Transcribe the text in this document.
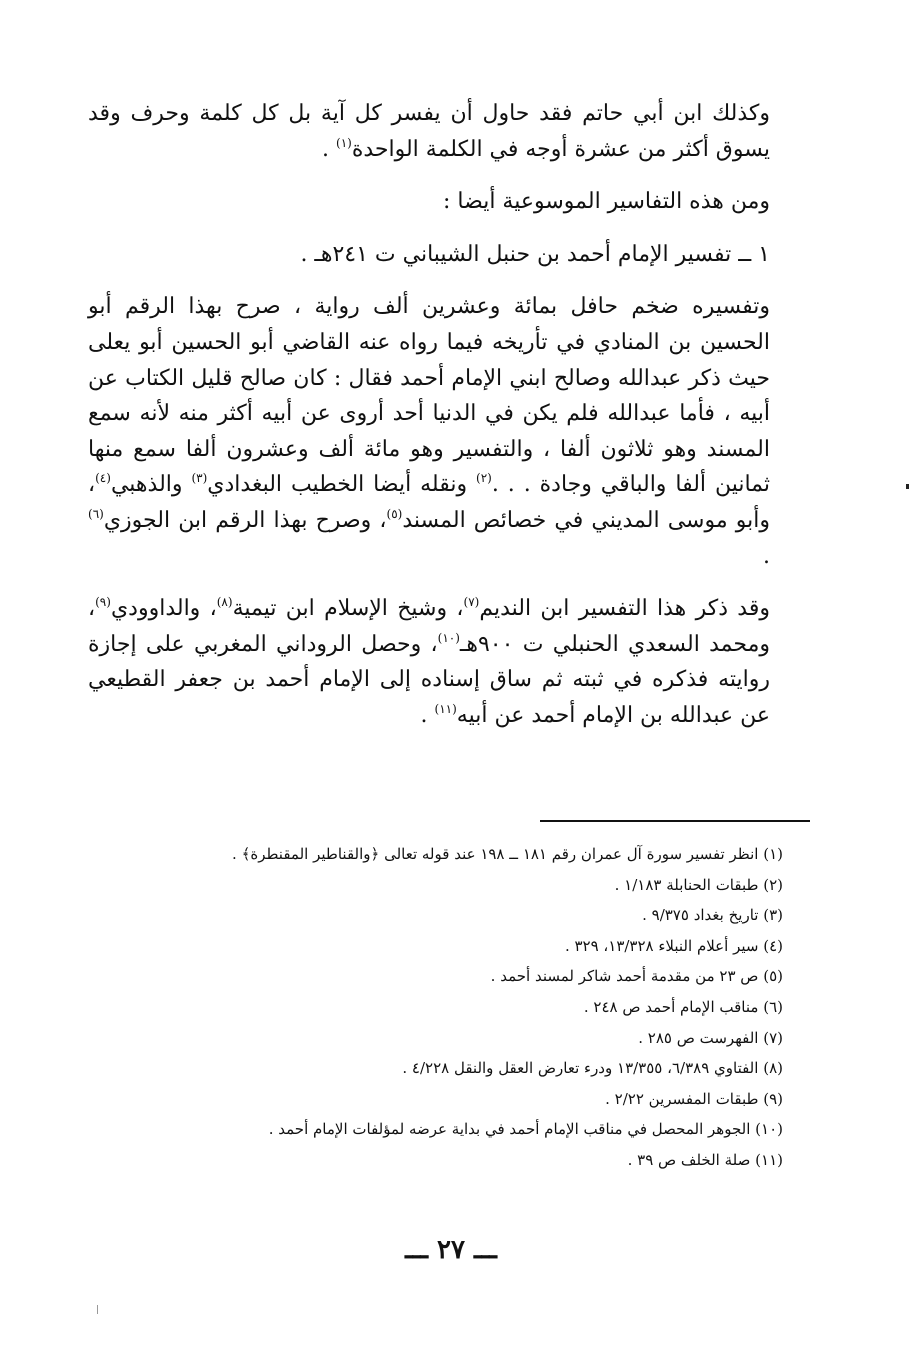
وكذلك ابن أبي حاتم فقد حاول أن يفسر كل آية بل كل كلمة وحرف وقد يسوق أكثر من عشرة أوجه في الكلمة الواحدة$^{(١)}$ .

ومن هذه التفاسير الموسوعية أيضا :

١ ــ تفسير الإمام أحمد بن حنبل الشيباني ت ٢٤١هـ .

وتفسيره ضخم حافل بمائة وعشرين ألف رواية ، صرح بهذا الرقم أبو الحسين بن المنادي في تأريخه فيما رواه عنه القاضي أبو الحسين أبو يعلى حيث ذكر عبدالله وصالح ابني الإمام أحمد فقال : كان صالح قليل الكتاب عن أبيه ، فأما عبدالله فلم يكن في الدنيا أحد أروى عن أبيه أكثر منه لأنه سمع المسند وهو ثلاثون ألفا ، والتفسير وهو مائة ألف وعشرون ألفا سمع منها ثمانين ألفا والباقي وجادة . . .$^{(٢)}$ ونقله أيضا الخطيب البغدادي$^{(٣)}$ والذهبي$^{(٤)}$، وأبو موسى المديني في خصائص المسند$^{(٥)}$، وصرح بهذا الرقم ابن الجوزي$^{(٦)}$ .

وقد ذكر هذا التفسير ابن النديم$^{(٧)}$، وشيخ الإسلام ابن تيمية$^{(٨)}$، والداوودي$^{(٩)}$، ومحمد السعدي الحنبلي ت ٩٠٠هـ$^{(١٠)}$، وحصل الروداني المغربي على إجازة روايته فذكره في ثبته ثم ساق إسناده إلى الإمام أحمد بن جعفر القطيعي عن عبدالله بن الإمام أحمد عن أبيه$^{(١١)}$ .

(١) انظر تفسير سورة آل عمران رقم ١٨١ ــ ١٩٨ عند قوله تعالى ﴿والقناطير المقنطرة﴾ .
(٢) طبقات الحنابلة ١/١٨٣ .
(٣) تاريخ بغداد ٩/٣٧٥ .
(٤) سير أعلام النبلاء ١٣/٣٢٨، ٣٢٩ .
(٥) ص ٢٣ من مقدمة أحمد شاكر لمسند أحمد .
(٦) مناقب الإمام أحمد ص ٢٤٨ .
(٧) الفهرست ص ٢٨٥ .
(٨) الفتاوي ٦/٣٨٩، ١٣/٣٥٥ ودرء تعارض العقل والنقل ٤/٢٢٨ .
(٩) طبقات المفسرين ٢/٢٢ .
(١٠) الجوهر المحصل في مناقب الإمام أحمد في بداية عرضه لمؤلفات الإمام أحمد .
(١١) صلة الخلف ص ٣٩ .
ـــ ٢٧ ـــ
